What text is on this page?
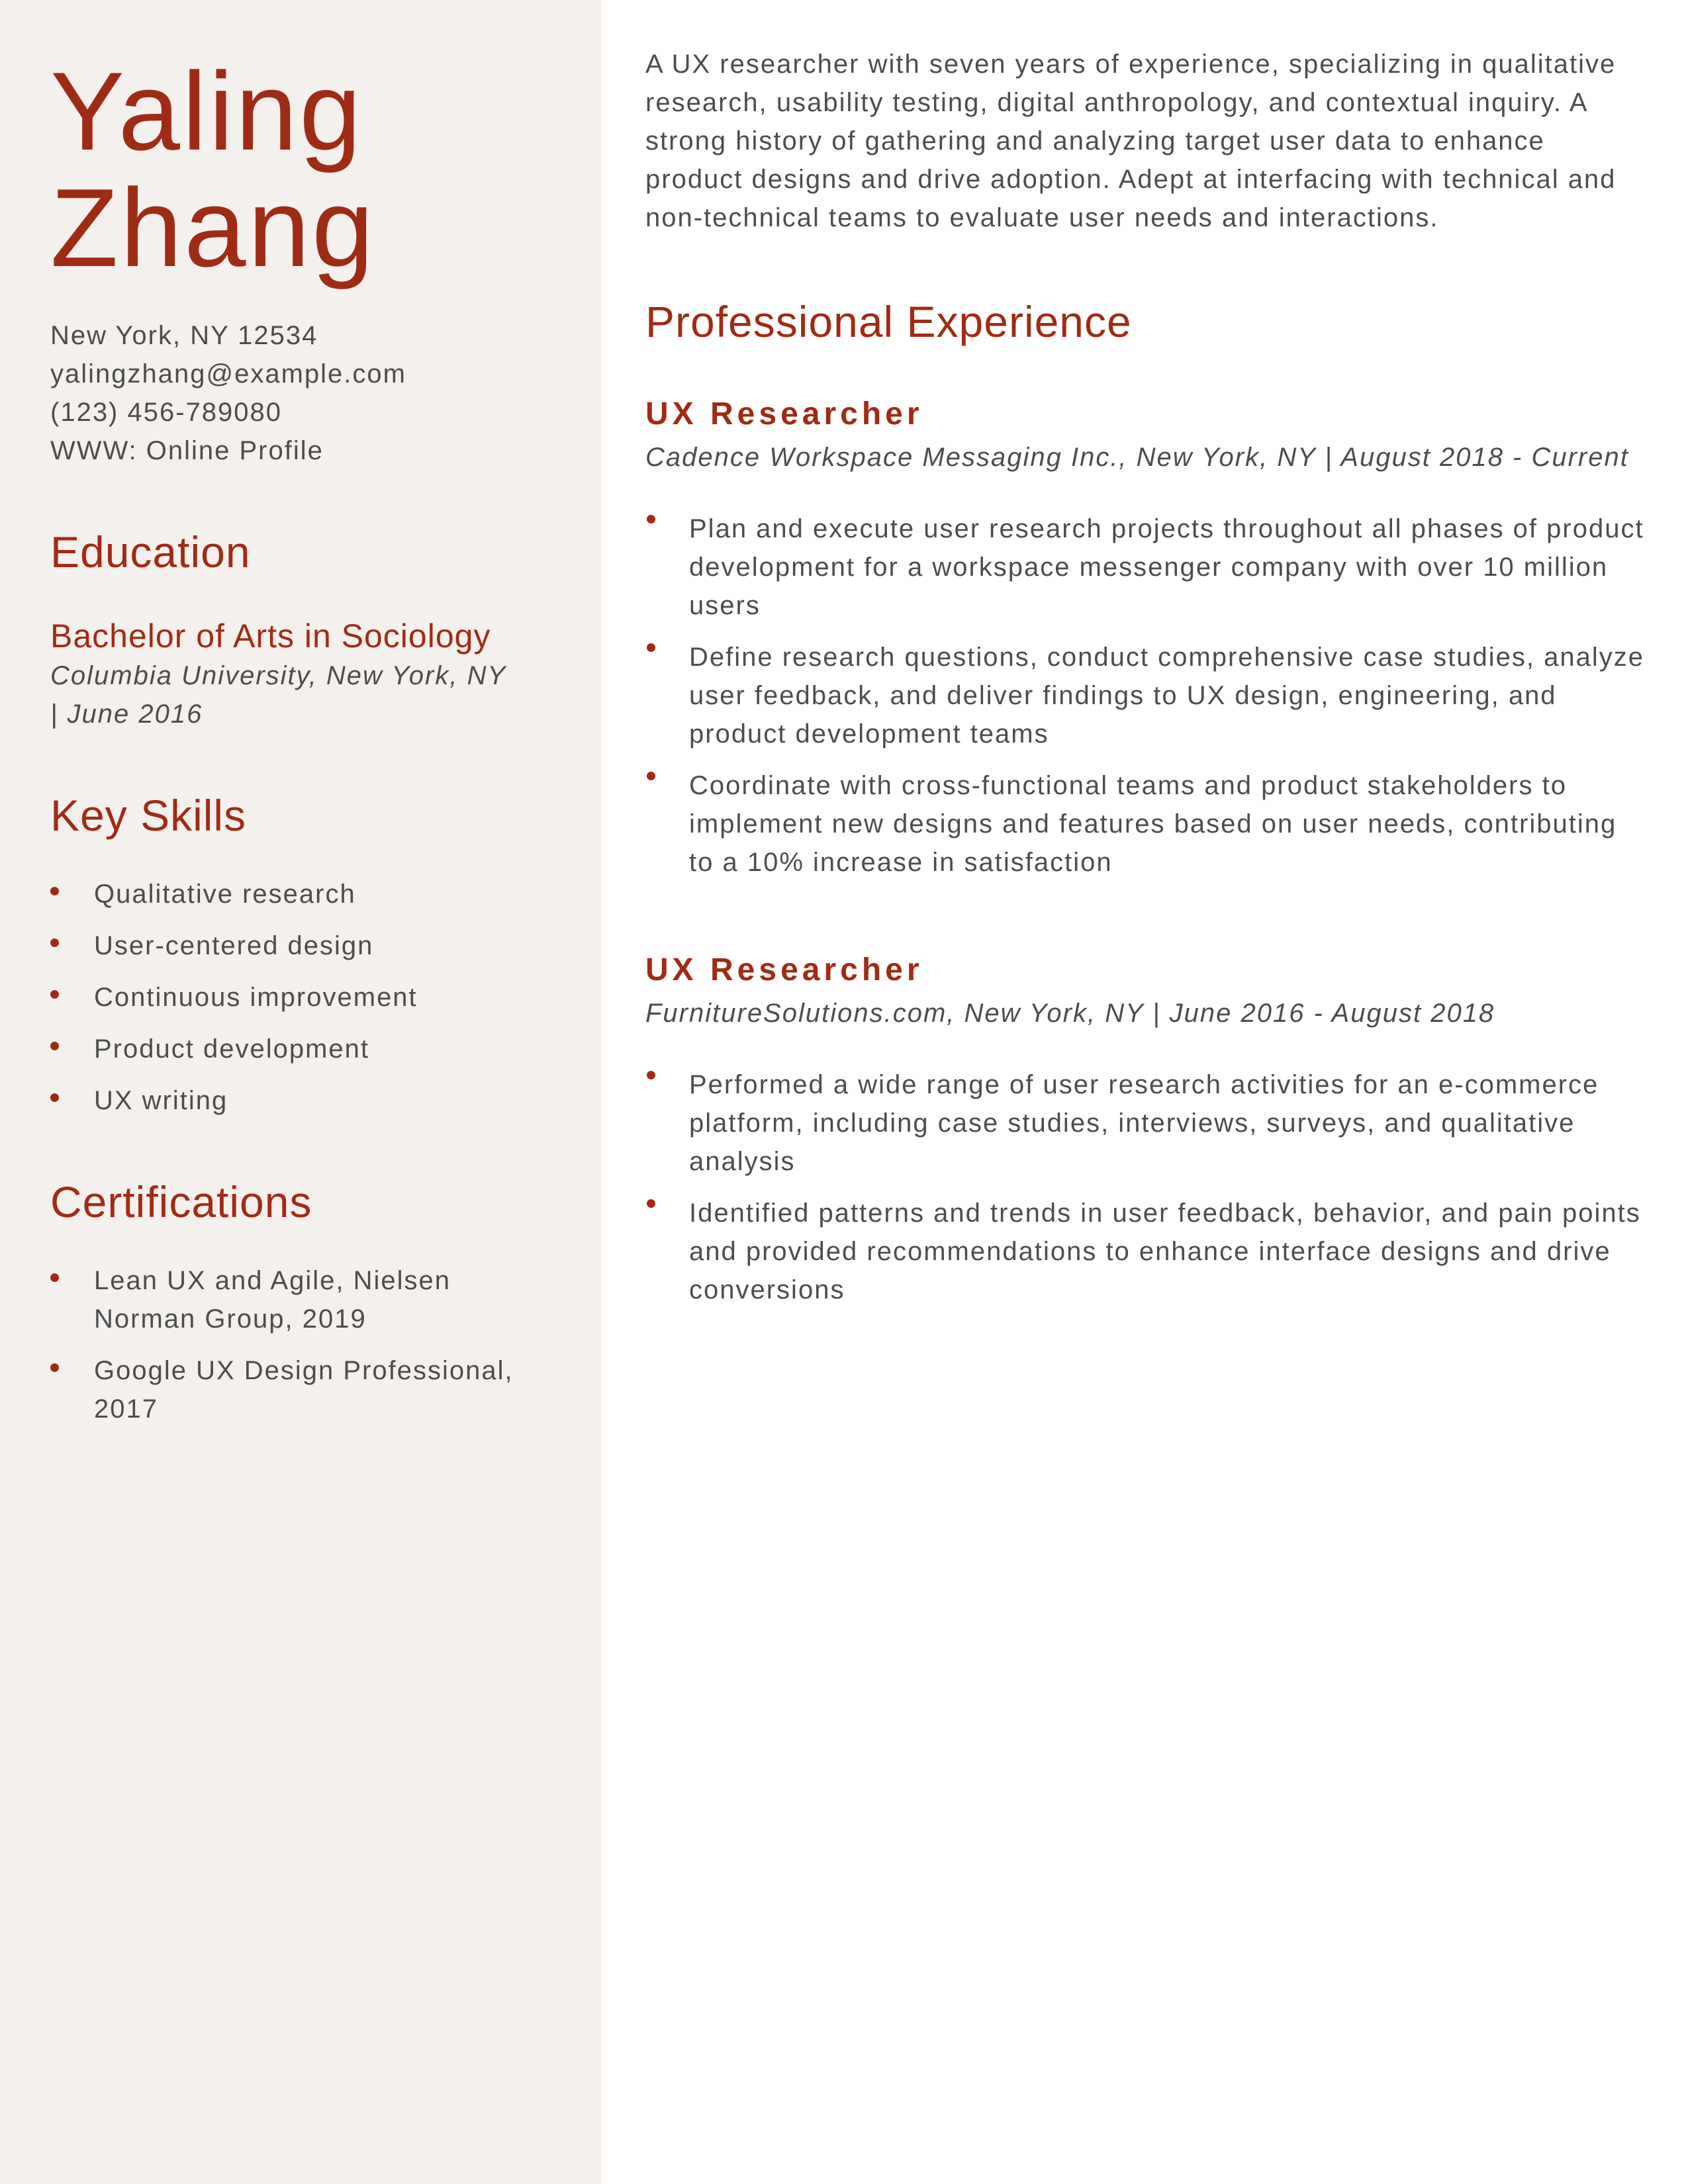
Yaling
Zhang
New York, NY 12534
yalingzhang@example.com
(123) 456-789080
WWW: Online Profile
Education
Bachelor of Arts in Sociology
Columbia University, New York, NY | June 2016
Key Skills
Qualitative research
User-centered design
Continuous improvement
Product development
UX writing
Certifications
Lean UX and Agile, Nielsen Norman Group, 2019
Google UX Design Professional, 2017

A UX researcher with seven years of experience, specializing in qualitative research, usability testing, digital anthropology, and contextual inquiry. A strong history of gathering and analyzing target user data to enhance product designs and drive adoption. Adept at interfacing with technical and non-technical teams to evaluate user needs and interactions.

Professional Experience
UX Researcher
Cadence Workspace Messaging Inc., New York, NY | August 2018 - Current
Plan and execute user research projects throughout all phases of product development for a workspace messenger company with over 10 million users
Define research questions, conduct comprehensive case studies, analyze user feedback, and deliver findings to UX design, engineering, and product development teams
Coordinate with cross-functional teams and product stakeholders to implement new designs and features based on user needs, contributing to a 10% increase in satisfaction
UX Researcher
FurnitureSolutions.com, New York, NY | June 2016 - August 2018
Performed a wide range of user research activities for an e-commerce platform, including case studies, interviews, surveys, and qualitative analysis
Identified patterns and trends in user feedback, behavior, and pain points and provided recommendations to enhance interface designs and drive conversions
